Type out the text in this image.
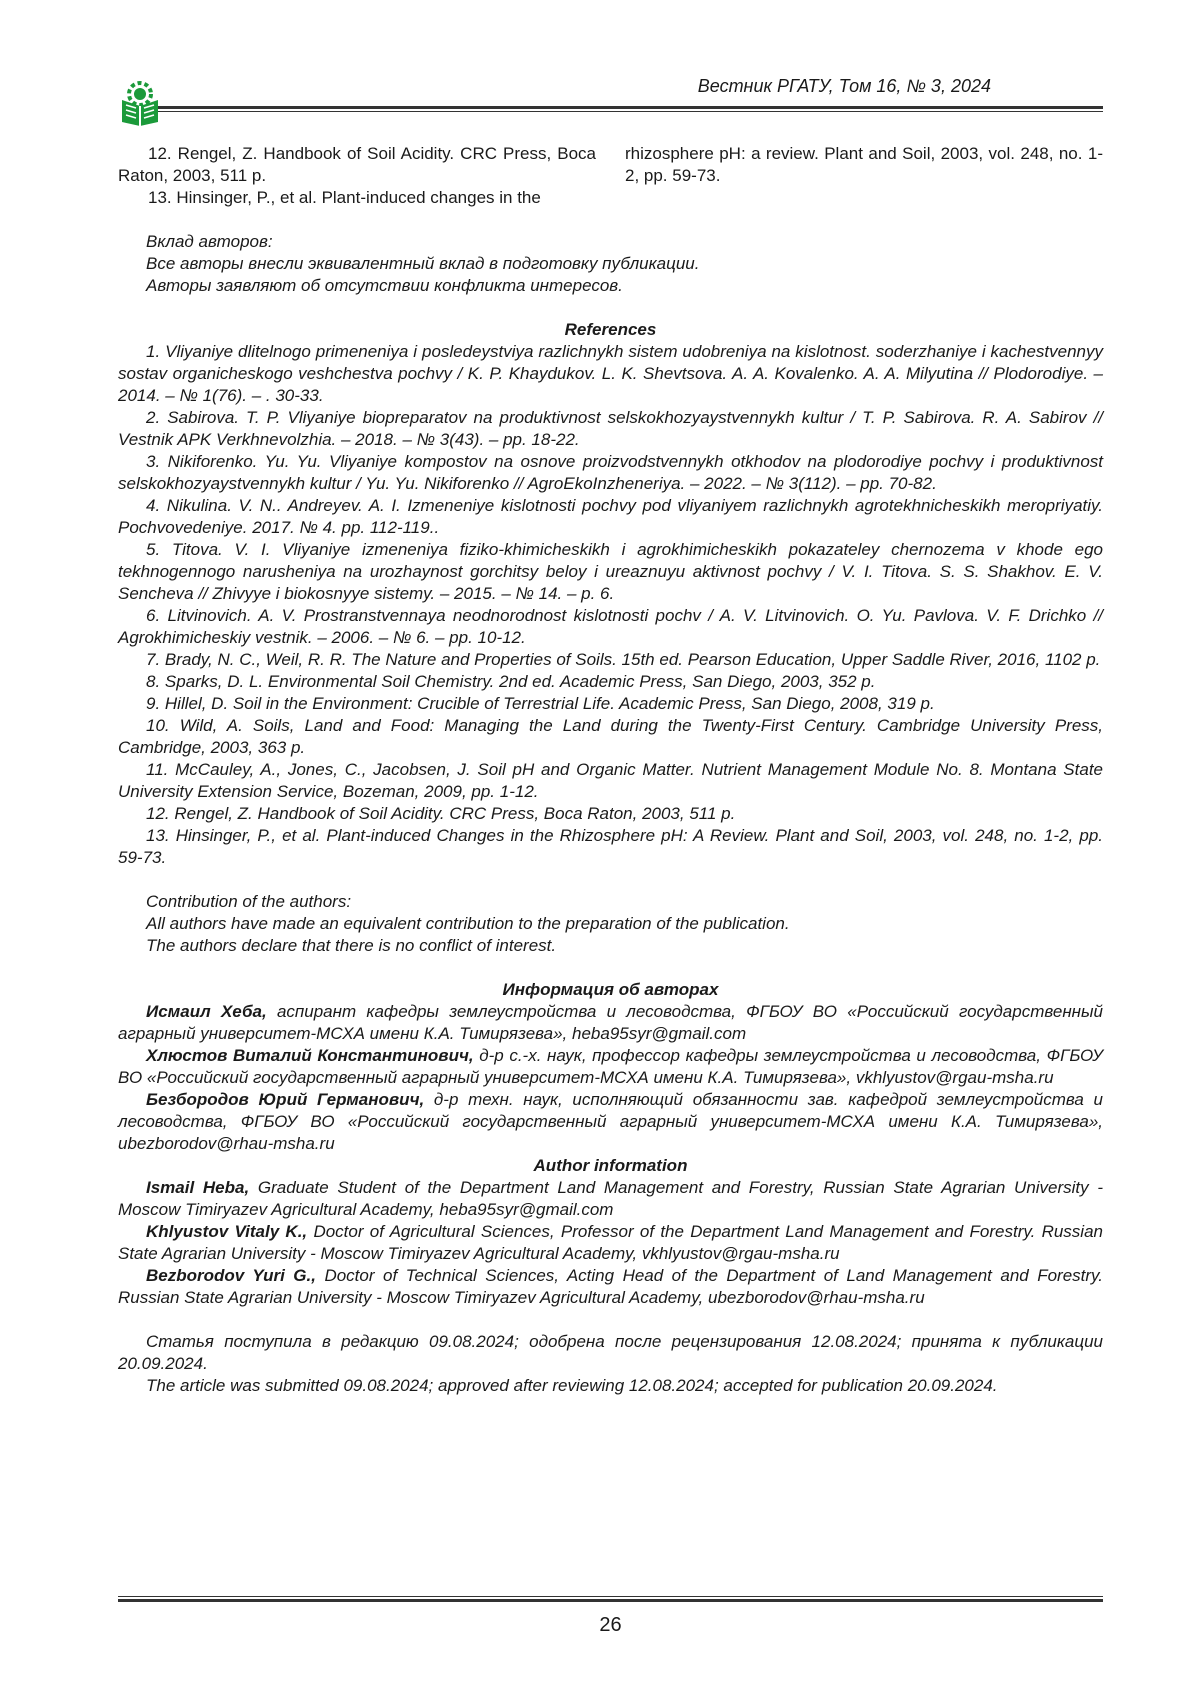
Вестник РГАТУ, Том 16, № 3, 2024

12. Rengel, Z. Handbook of Soil Acidity. CRC Press, Boca Raton, 2003, 511 p.

13. Hinsinger, P., et al. Plant-induced changes in the

rhizosphere pH: a review. Plant and Soil, 2003, vol. 248, no. 1-2, pp. 59-73.

Вклад авторов:

Все авторы внесли эквивалентный вклад в подготовку публикации.

Авторы заявляют об отсутствии конфликта интересов.

References

1. Vliyaniye dlitelnogo primeneniya i posledeystviya razlichnykh sistem udobreniya na kislotnost. soderzhaniye i kachestvennyy sostav organicheskogo veshchestva pochvy / K. P. Khaydukov. L. K. Shevtsova. A. A. Kovalenko. A. A. Milyutina // Plodorodiye. – 2014. – № 1(76). – . 30-33.

2. Sabirova. T. P. Vliyaniye biopreparatov na produktivnost selskokhozyaystvennykh kultur / T. P. Sabirova. R. A. Sabirov // Vestnik APK Verkhnevolzhia. – 2018. – № 3(43). – pp. 18-22.

3. Nikiforenko. Yu. Yu. Vliyaniye kompostov na osnove proizvodstvennykh otkhodov na plodorodiye pochvy i produktivnost selskokhozyaystvennykh kultur / Yu. Yu. Nikiforenko // AgroEkoInzheneriya. – 2022. – № 3(112). – pp. 70-82.

4. Nikulina. V. N.. Andreyev. A. I. Izmeneniye kislotnosti pochvy pod vliyaniyem razlichnykh agrotekhnicheskikh meropriyatiy. Pochvovedeniye. 2017. № 4. pp. 112-119..

5. Titova. V. I. Vliyaniye izmeneniya fiziko-khimicheskikh i agrokhimicheskikh pokazateley chernozema v khode ego tekhnogennogo narusheniya na urozhaynost gorchitsy beloy i ureaznuyu aktivnost pochvy / V. I. Titova. S. S. Shakhov. E. V. Sencheva // Zhivyye i biokosnyye sistemy. – 2015. – № 14. – p. 6.

6. Litvinovich. A. V. Prostranstvennaya neodnorodnost kislotnosti pochv / A. V. Litvinovich. O. Yu. Pavlova. V. F. Drichko // Agrokhimicheskiy vestnik. – 2006. – № 6. – pp. 10-12.

7. Brady, N. C., Weil, R. R. The Nature and Properties of Soils. 15th ed. Pearson Education, Upper Saddle River, 2016, 1102 p.

8. Sparks, D. L. Environmental Soil Chemistry. 2nd ed. Academic Press, San Diego, 2003, 352 p.

9. Hillel, D. Soil in the Environment: Crucible of Terrestrial Life. Academic Press, San Diego, 2008, 319 p.

10. Wild, A. Soils, Land and Food: Managing the Land during the Twenty-First Century. Cambridge University Press, Cambridge, 2003, 363 p.

11. McCauley, A., Jones, C., Jacobsen, J. Soil pH and Organic Matter. Nutrient Management Module No. 8. Montana State University Extension Service, Bozeman, 2009, pp. 1-12.

12. Rengel, Z. Handbook of Soil Acidity. CRC Press, Boca Raton, 2003, 511 p.

13. Hinsinger, P., et al. Plant-induced Changes in the Rhizosphere pH: A Review. Plant and Soil, 2003, vol. 248, no. 1-2, pp. 59-73.

Contribution of the authors:

All authors have made an equivalent contribution to the preparation of the publication.

The authors declare that there is no conflict of interest.

Информация об авторах

Исмаил Хеба, аспирант кафедры землеустройства и лесоводства, ФГБОУ ВО «Российский государственный аграрный университет-МСХА имени К.А. Тимирязева», heba95syr@gmail.com

Хлюстов Виталий Константинович, д-р с.-х. наук, профессор кафедры землеустройства и лесоводства, ФГБОУ ВО «Российский государственный аграрный университет-МСХА имени К.А. Тимирязева», vkhlyustov@rgau-msha.ru

Безбородов Юрий Германович, д-р техн. наук, исполняющий обязанности зав. кафедрой землеустройства и лесоводства, ФГБОУ ВО «Российский государственный аграрный университет-МСХА имени К.А. Тимирязева», ubezborodov@rhau-msha.ru

Author information

Ismail Heba, Graduate Student of the Department Land Management and Forestry, Russian State Agrarian University - Moscow Timiryazev Agricultural Academy, heba95syr@gmail.com

Khlyustov Vitaly K., Doctor of Agricultural Sciences, Professor of the Department Land Management and Forestry. Russian State Agrarian University - Moscow Timiryazev Agricultural Academy, vkhlyustov@rgau-msha.ru

Bezborodov Yuri G., Doctor of Technical Sciences, Acting Head of the Department of Land Management and Forestry. Russian State Agrarian University - Moscow Timiryazev Agricultural Academy, ubezborodov@rhau-msha.ru

Статья поступила в редакцию 09.08.2024; одобрена после рецензирования 12.08.2024; принята к публикации 20.09.2024.

The article was submitted 09.08.2024; approved after reviewing 12.08.2024; accepted for publication 20.09.2024.

26
